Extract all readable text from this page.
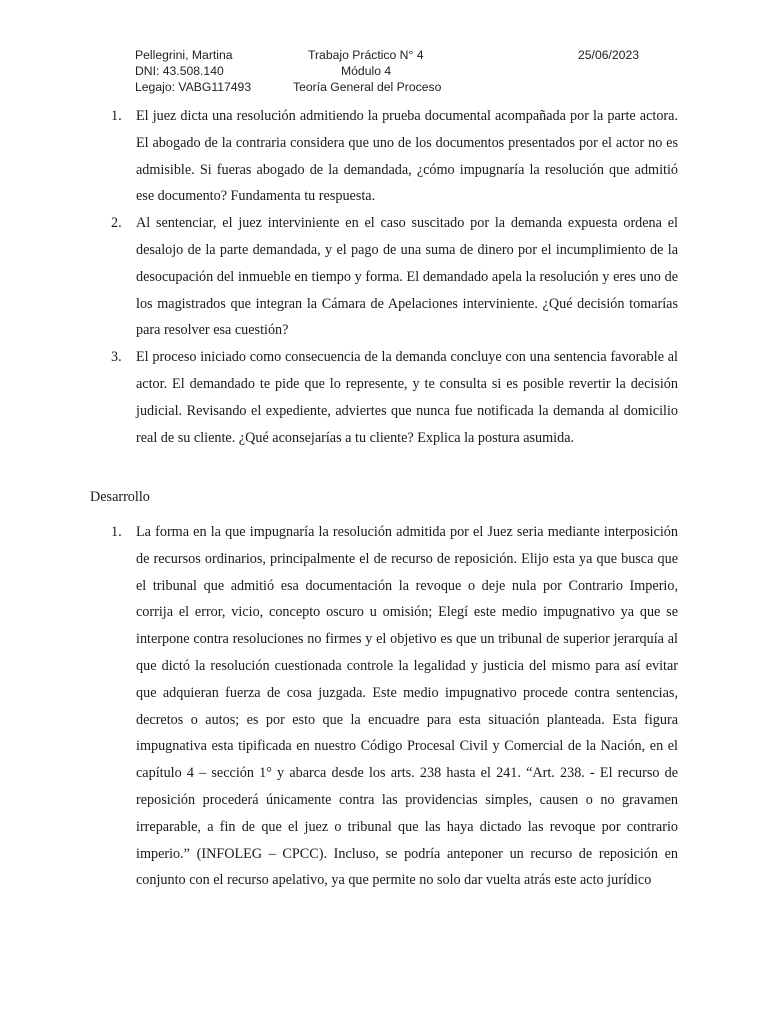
Pellegrini, Martina	Trabajo Práctico N° 4	25/06/2023
DNI: 43.508.140	Módulo 4
Legajo: VABG117493	Teoría General del Proceso
1. El juez dicta una resolución admitiendo la prueba documental acompañada por la parte actora. El abogado de la contraria considera que uno de los documentos presentados por el actor no es admisible. Si fueras abogado de la demandada, ¿cómo impugnaría la resolución que admitió ese documento? Fundamenta tu respuesta.
2. Al sentenciar, el juez interviniente en el caso suscitado por la demanda expuesta ordena el desalojo de la parte demandada, y el pago de una suma de dinero por el incumplimiento de la desocupación del inmueble en tiempo y forma. El demandado apela la resolución y eres uno de los magistrados que integran la Cámara de Apelaciones interviniente. ¿Qué decisión tomarías para resolver esa cuestión?
3. El proceso iniciado como consecuencia de la demanda concluye con una sentencia favorable al actor. El demandado te pide que lo represente, y te consulta si es posible revertir la decisión judicial. Revisando el expediente, adviertes que nunca fue notificada la demanda al domicilio real de su cliente. ¿Qué aconsejarías a tu cliente? Explica la postura asumida.
Desarrollo
1. La forma en la que impugnaría la resolución admitida por el Juez seria mediante interposición de recursos ordinarios, principalmente el de recurso de reposición. Elijo esta ya que busca que el tribunal que admitió esa documentación la revoque o deje nula por Contrario Imperio, corrija el error, vicio, concepto oscuro u omisión; Elegí este medio impugnativo ya que se interpone contra resoluciones no firmes y el objetivo es que un tribunal de superior jerarquía al que dictó la resolución cuestionada controle la legalidad y justicia del mismo para así evitar que adquieran fuerza de cosa juzgada. Este medio impugnativo procede contra sentencias, decretos o autos; es por esto que la encuadre para esta situación planteada. Esta figura impugnativa esta tipificada en nuestro Código Procesal Civil y Comercial de la Nación, en el capítulo 4 – sección 1° y abarca desde los arts. 238 hasta el 241. “Art. 238. - El recurso de reposición procederá únicamente contra las providencias simples, causen o no gravamen irreparable, a fin de que el juez o tribunal que las haya dictado las revoque por contrario imperio.” (INFOLEG – CPCC). Incluso, se podría anteponer un recurso de reposición en conjunto con el recurso apelativo, ya que permite no solo dar vuelta atrás este acto jurídico
